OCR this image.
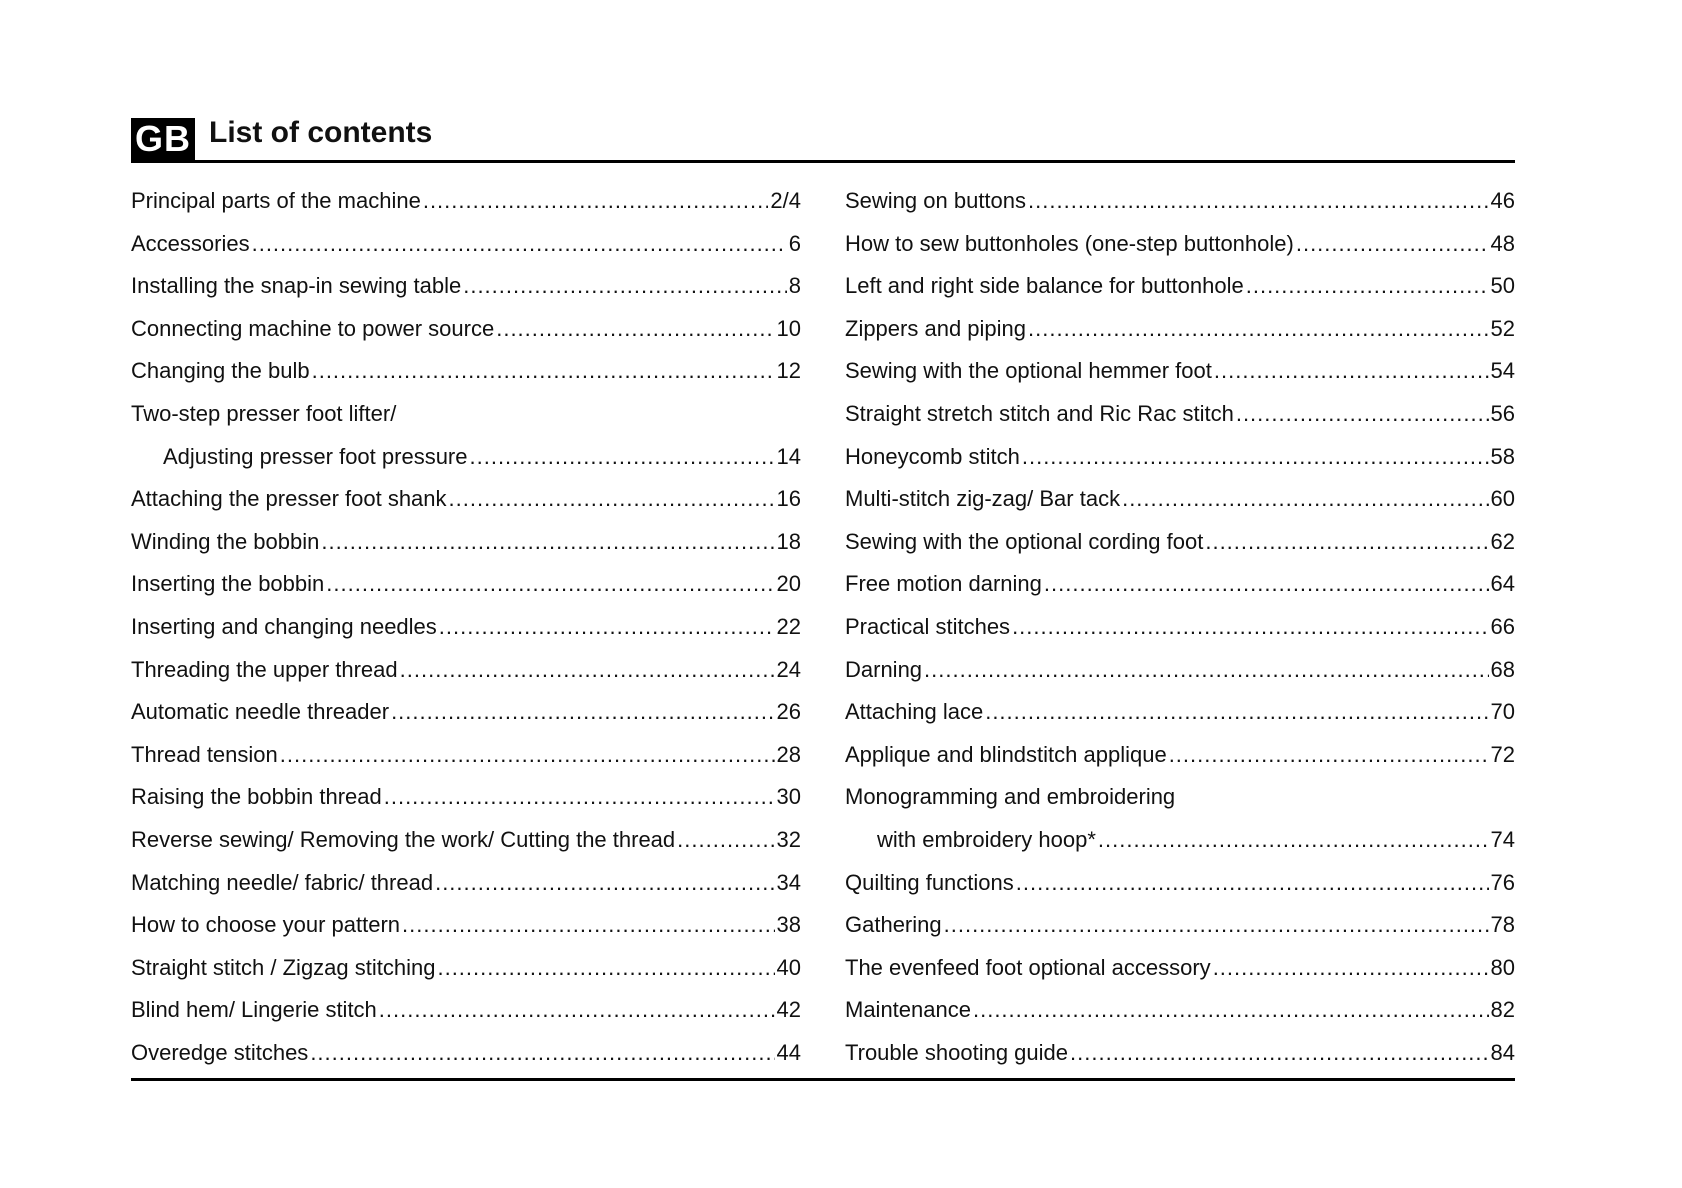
GB List of contents
Principal parts of the machine .....	2/4
Accessories .....	6
Installing the snap-in sewing table .....	8
Connecting machine to power source .....	10
Changing the bulb .....	12
Two-step presser foot lifter/
Adjusting presser foot pressure .....	14
Attaching the presser foot shank .....	16
Winding the bobbin .....	18
Inserting the bobbin .....	20
Inserting and changing needles .....	22
Threading the upper thread .....	24
Automatic needle threader .....	26
Thread tension .....	28
Raising the bobbin thread .....	30
Reverse sewing/ Removing the work/ Cutting the thread .....	32
Matching needle/ fabric/ thread .....	34
How to choose your pattern .....	38
Straight stitch / Zigzag stitching .....	40
Blind hem/ Lingerie stitch .....	42
Overedge stitches .....	44
Sewing on buttons .....	46
How to sew buttonholes (one-step buttonhole) .....	48
Left and right side balance for buttonhole .....	50
Zippers and piping .....	52
Sewing with the optional hemmer foot .....	54
Straight stretch stitch and Ric Rac stitch .....	56
Honeycomb stitch .....	58
Multi-stitch zig-zag/ Bar tack .....	60
Sewing with the optional cording foot .....	62
Free motion darning .....	64
Practical stitches .....	66
Darning .....	68
Attaching lace .....	70
Applique and blindstitch applique .....	72
Monogramming and embroidering
with embroidery hoop* .....	74
Quilting functions .....	76
Gathering .....	78
The evenfeed foot optional accessory .....	80
Maintenance .....	82
Trouble shooting guide .....	84
